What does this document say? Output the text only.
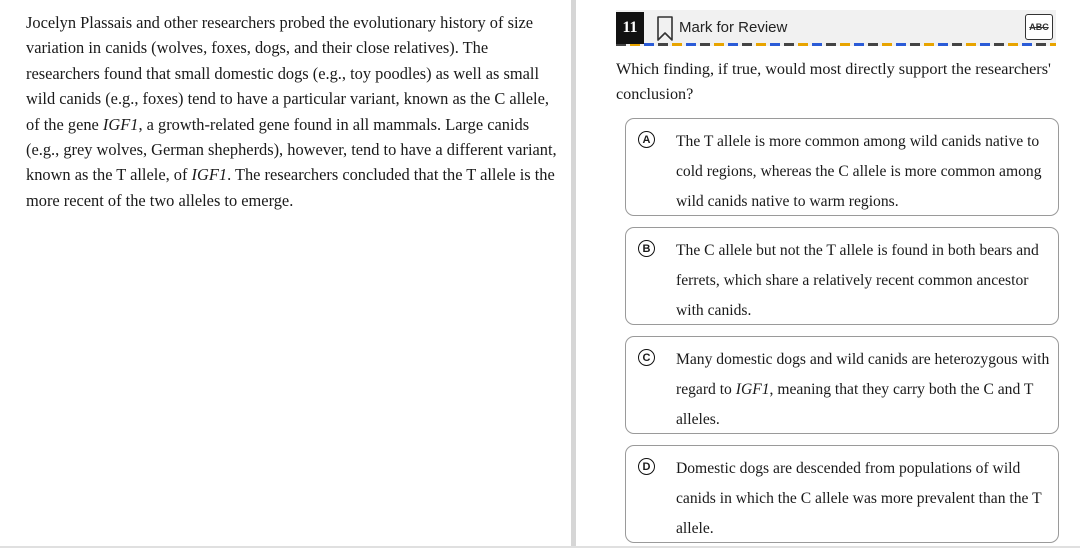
Jocelyn Plassais and other researchers probed the evolutionary history of size variation in canids (wolves, foxes, dogs, and their close relatives). The researchers found that small domestic dogs (e.g., toy poodles) as well as small wild canids (e.g., foxes) tend to have a particular variant, known as the C allele, of the gene IGF1, a growth-related gene found in all mammals. Large canids (e.g., grey wolves, German shepherds), however, tend to have a different variant, known as the T allele, of IGF1. The researchers concluded that the T allele is the more recent of the two alleles to emerge.

11	Mark for Review	ABC

Which finding, if true, would most directly support the researchers' conclusion?

A The T allele is more common among wild canids native to cold regions, whereas the C allele is more common among wild canids native to warm regions.

B The C allele but not the T allele is found in both bears and ferrets, which share a relatively recent common ancestor with canids.

C Many domestic dogs and wild canids are heterozygous with regard to IGF1, meaning that they carry both the C and T alleles.

D Domestic dogs are descended from populations of wild canids in which the C allele was more prevalent than the T allele.
